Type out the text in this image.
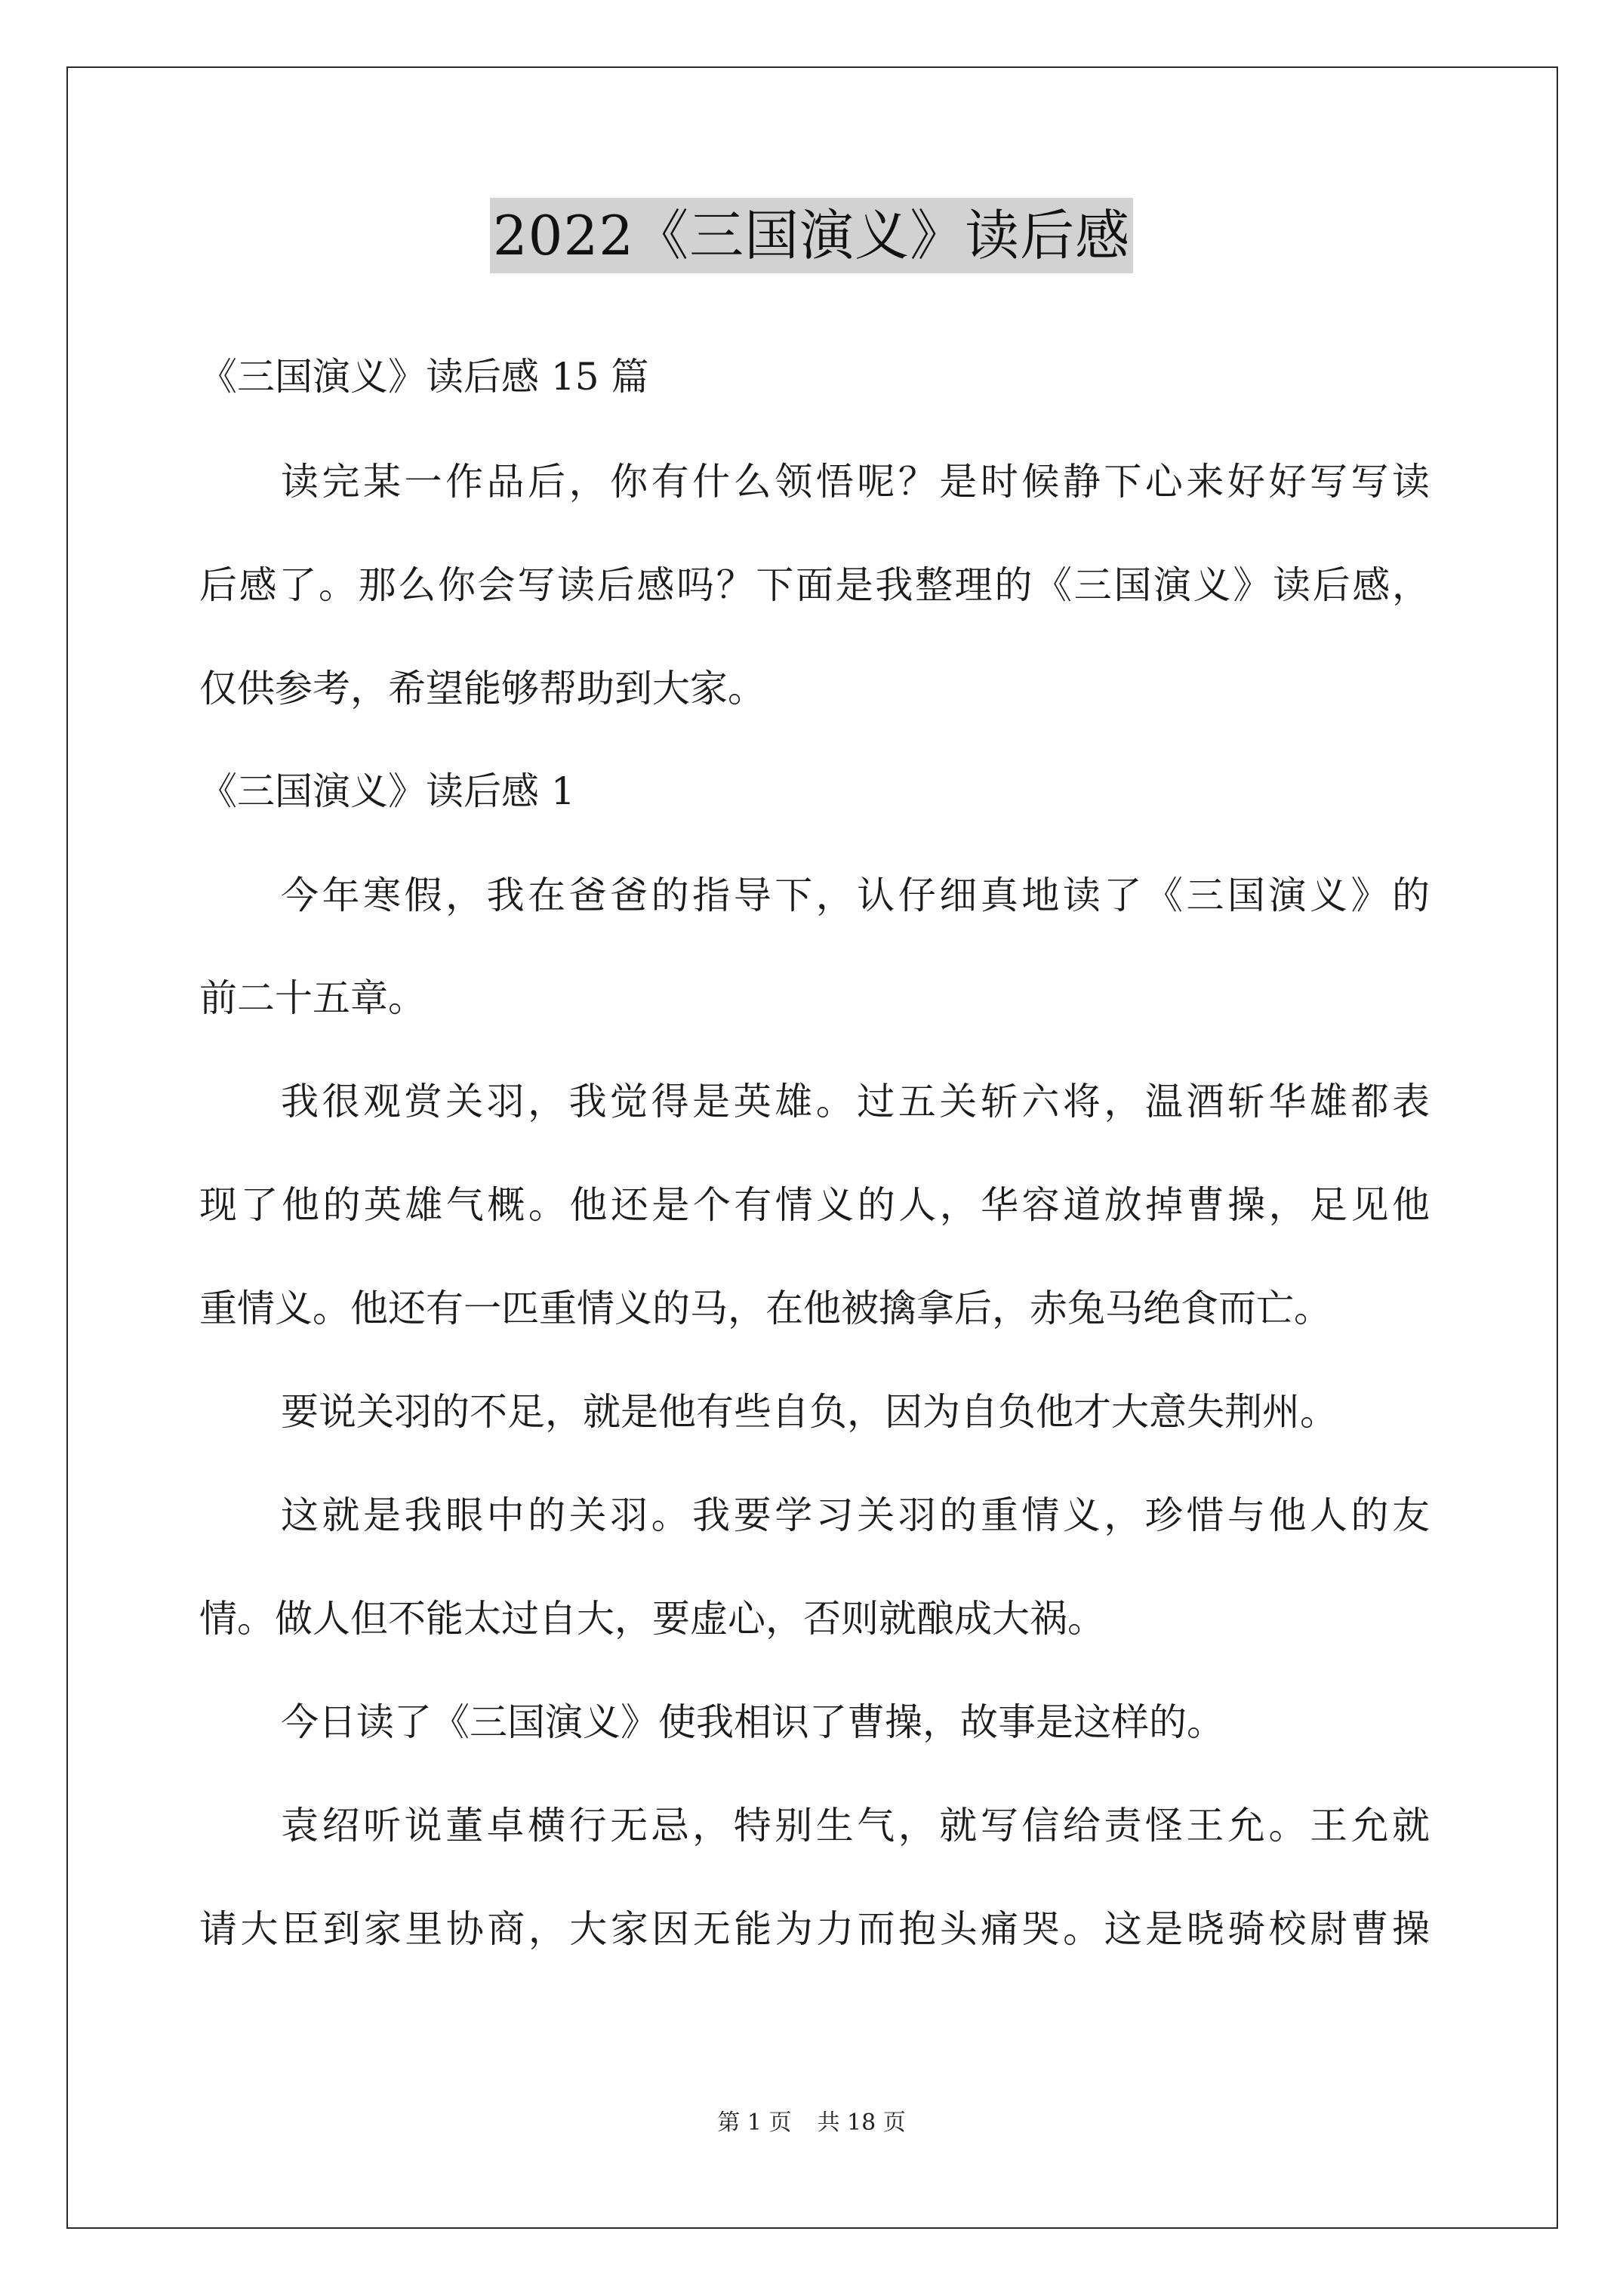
2022《三国演义》读后感
《三国演义》读后感 15 篇
读完某一作品后，你有什么领悟呢？是时候静下心来好好写写读
后感了。那么你会写读后感吗？下面是我整理的《三国演义》读后感，
仅供参考，希望能够帮助到大家。
《三国演义》读后感 1
今年寒假，我在爸爸的指导下，认仔细真地读了《三国演义》的
前二十五章。
我很观赏关羽，我觉得是英雄。过五关斩六将，温酒斩华雄都表
现了他的英雄气概。他还是个有情义的人，华容道放掉曹操，足见他
重情义。他还有一匹重情义的马，在他被擒拿后，赤兔马绝食而亡。
要说关羽的不足，就是他有些自负，因为自负他才大意失荆州。
这就是我眼中的关羽。我要学习关羽的重情义，珍惜与他人的友
情。做人但不能太过自大，要虚心，否则就酿成大祸。
今日读了《三国演义》使我相识了曹操，故事是这样的。
袁绍听说董卓横行无忌，特别生气，就写信给责怪王允。王允就
请大臣到家里协商，大家因无能为力而抱头痛哭。这是晓骑校尉曹操
第 1 页 共 18 页
